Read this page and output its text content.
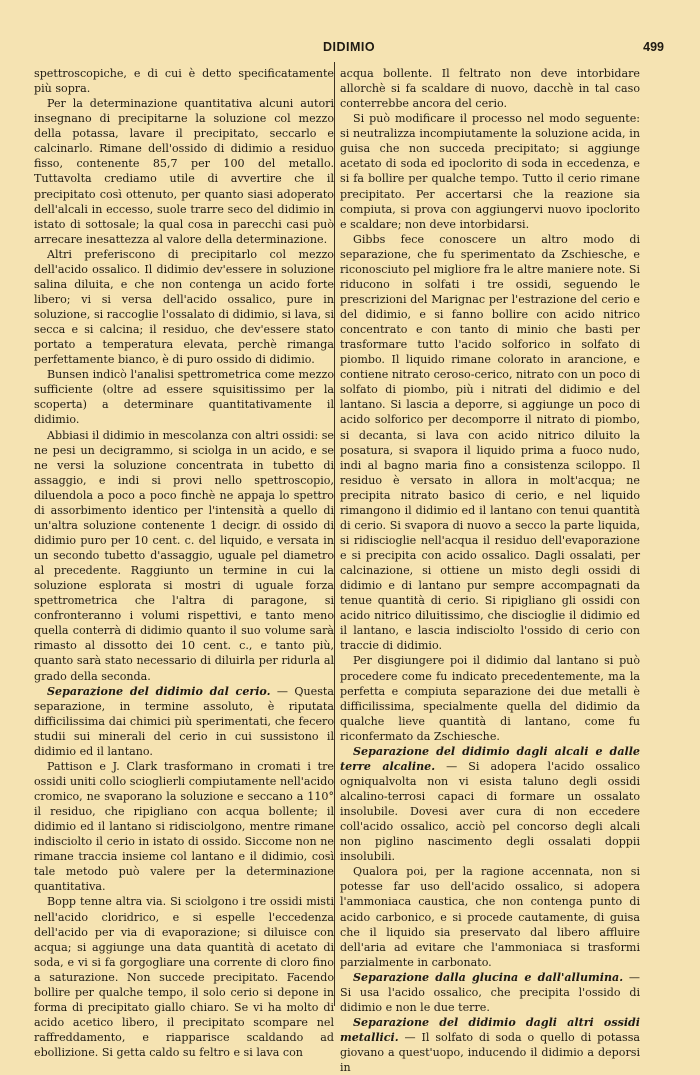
DIDIMIO	499

spettroscopiche, e di cui è detto specificatamente più sopra.

Per la determinazione quantitativa alcuni autori insegnano di precipitarne la soluzione col mezzo della potassa, lavare il precipitato, seccarlo e calcinarlo. Rimane dell'ossido di didimio a residuo fisso, contenente 85,7 per 100 del metallo. Tuttavolta crediamo utile di avvertire che il precipitato così ottenuto, per quanto siasi adoperato dell'alcali in eccesso, suole trarre seco del didimio in istato di sottosale; la qual cosa in parecchi casi può arrecare inesattezza al valore della determinazione.

Altri preferiscono di precipitarlo col mezzo dell'acido ossalico. Il didimio dev'essere in soluzione salina diluita, e che non contenga un acido forte libero; vi si versa dell'acido ossalico, pure in soluzione, si raccoglie l'ossalato di didimio, si lava, si secca e si calcina; il residuo, che dev'essere stato portato a temperatura elevata, perchè rimanga perfettamente bianco, è di puro ossido di didimio.

Bunsen indicò l'analisi spettrometrica come mezzo sufficiente (oltre ad essere squisitissimo per la scoperta) a determinare quantitativamente il didimio.

Abbiasi il didimio in mescolanza con altri ossidi: se ne pesi un decigrammo, si sciolga in un acido, e se ne versi la soluzione concentrata in tubetto di assaggio, e indi si provi nello spettroscopio, diluendola a poco a poco finchè ne appaja lo spettro di assorbimento identico per l'intensità a quello di un'altra soluzione contenente 1 decigr. di ossido di didimio puro per 10 cent. c. del liquido, e versata in un secondo tubetto d'assaggio, uguale pel diametro al precedente. Raggiunto un termine in cui la soluzione esplorata si mostri di uguale forza spettrometrica che l'altra di paragone, si confronteranno i volumi rispettivi, e tanto meno quella conterrà di didimio quanto il suo volume sarà rimasto al dissotto dei 10 cent. c., e tanto più, quanto sarà stato necessario di diluirla per ridurla al grado della seconda.

Separazione del didimio dal cerio. — Questa separazione, in termine assoluto, è riputata difficilissima dai chimici più sperimentati, che fecero studii sui minerali del cerio in cui sussistono il didimio ed il lantano.

Pattison e J. Clark trasformano in cromati i tre ossidi uniti collo scioglierli compiutamente nell'acido cromico, ne svaporano la soluzione e seccano a 110° il residuo, che ripigliano con acqua bollente; il didimio ed il lantano si ridisciolgono, mentre rimane indisciolto il cerio in istato di ossido. Siccome non ne rimane traccia insieme col lantano e il didimio, così tale metodo può valere per la determinazione quantitativa.

Bopp tenne altra via. Si sciolgono i tre ossidi misti nell'acido cloridrico, e si espelle l'eccedenza dell'acido per via di evaporazione; si diluisce con acqua; si aggiunge una data quantità di acetato di soda, e vi si fa gorgogliare una corrente di cloro fino a saturazione. Non succede precipitato. Facendo bollire per qualche tempo, il solo cerio si depone in forma di precipitato giallo chiaro. Se vi ha molto di acido acetico libero, il precipitato scompare nel raffreddamento, e riapparisce scaldando ad ebollizione. Si getta caldo su feltro e si lava con

acqua bollente. Il feltrato non deve intorbidare allorchè si fa scaldare di nuovo, dacchè in tal caso conterrebbe ancora del cerio.

Si può modificare il processo nel modo seguente: si neutralizza incompiutamente la soluzione acida, in guisa che non succeda precipitato; si aggiunge acetato di soda ed ipoclorito di soda in eccedenza, e si fa bollire per qualche tempo. Tutto il cerio rimane precipitato. Per accertarsi che la reazione sia compiuta, si prova con aggiungervi nuovo ipoclorito e scaldare; non deve intorbidarsi.

Gibbs fece conoscere un altro modo di separazione, che fu sperimentato da Zschiesche, e riconosciuto pel migliore fra le altre maniere note. Si riducono in solfati i tre ossidi, seguendo le prescrizioni del Marignac per l'estrazione del cerio e del didimio, e si fanno bollire con acido nitrico concentrato e con tanto di minio che basti per trasformare tutto l'acido solforico in solfato di piombo. Il liquido rimane colorato in arancione, e contiene nitrato ceroso-cerico, nitrato con un poco di solfato di piombo, più i nitrati del didimio e del lantano. Si lascia a deporre, si aggiunge un poco di acido solforico per decomporre il nitrato di piombo, si decanta, si lava con acido nitrico diluito la posatura, si svapora il liquido prima a fuoco nudo, indi al bagno maria fino a consistenza sciloppo. Il residuo è versato in allora in molt'acqua; ne precipita nitrato basico di cerio, e nel liquido rimangono il didimio ed il lantano con tenui quantità di cerio. Si svapora di nuovo a secco la parte liquida, si ridiscioglie nell'acqua il residuo dell'evaporazione e si precipita con acido ossalico. Dagli ossalati, per calcinazione, si ottiene un misto degli ossidi di didimio e di lantano pur sempre accompagnati da tenue quantità di cerio. Si ripigliano gli ossidi con acido nitrico diluitissimo, che discioglie il didimio ed il lantano, e lascia indisciolto l'ossido di cerio con traccie di didimio.

Per disgiungere poi il didimio dal lantano si può procedere come fu indicato precedentemente, ma la perfetta e compiuta separazione dei due metalli è difficilissima, specialmente quella del didimio da qualche lieve quantità di lantano, come fu riconfermato da Zschiesche.

Separazione del didimio dagli alcali e dalle terre alcaline. — Si adopera l'acido ossalico ogniqualvolta non vi esista taluno degli ossidi alcalino-terrosi capaci di formare un ossalato insolubile. Dovesi aver cura di non eccedere coll'acido ossalico, acciò pel concorso degli alcali non piglino nascimento degli ossalati doppii insolubili.

Qualora poi, per la ragione accennata, non si potesse far uso dell'acido ossalico, si adopera l'ammoniaca caustica, che non contenga punto di acido carbonico, e si procede cautamente, di guisa che il liquido sia preservato dal libero affluire dell'aria ad evitare che l'ammoniaca si trasformi parzialmente in carbonato.

Separazione dalla glucina e dall'allumina. — Si usa l'acido ossalico, che precipita l'ossido di didimio e non le due terre.

Separazione del didimio dagli altri ossidi metallici. — Il solfato di soda o quello di potassa giovano a quest'uopo, inducendo il didimio a deporsi in
